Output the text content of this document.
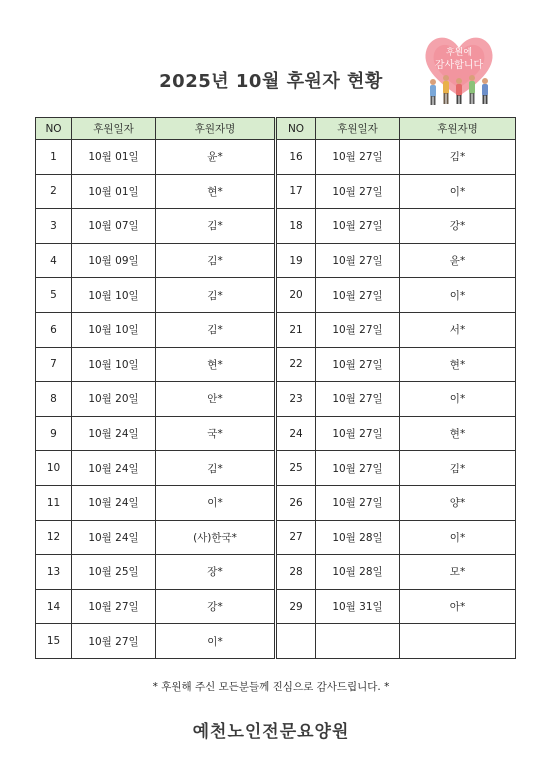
2025년 10월 후원자 현황
후원에
감사합니다
NO	후원일자	후원자명	NO	후원일자	후원자명
1	10월 01일	윤*	16	10월 27일	김*
2	10월 01일	현*	17	10월 27일	이*
3	10월 07일	김*	18	10월 27일	강*
4	10월 09일	김*	19	10월 27일	윤*
5	10월 10일	김*	20	10월 27일	이*
6	10월 10일	김*	21	10월 27일	서*
7	10월 10일	현*	22	10월 27일	현*
8	10월 20일	안*	23	10월 27일	이*
9	10월 24일	국*	24	10월 27일	현*
10	10월 24일	김*	25	10월 27일	김*
11	10월 24일	이*	26	10월 27일	양*
12	10월 24일	(사)한국*	27	10월 28일	이*
13	10월 25일	장*	28	10월 28일	모*
14	10월 27일	강*	29	10월 31일	아*
15	10월 27일	이*			
* 후원해 주신 모든분들께 진심으로 감사드립니다. *
예천노인전문요양원
